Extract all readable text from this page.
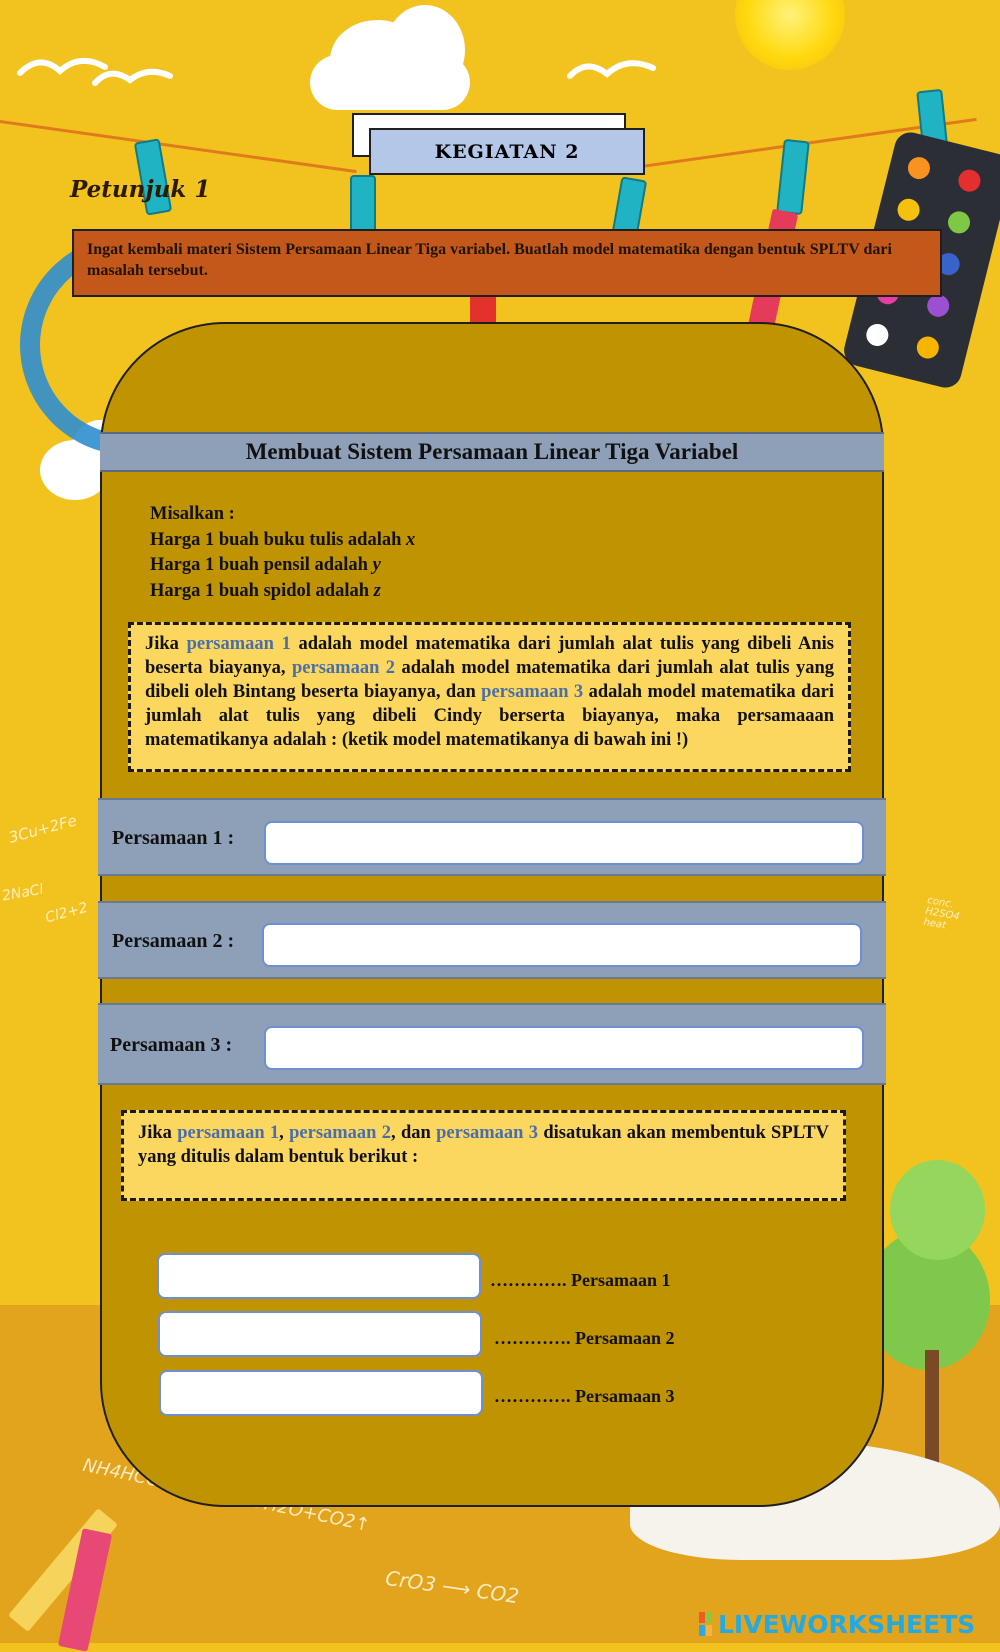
NH4HCO3 NH3↑+H2O+CO2↑
CrO3 ⟶ CO2
3Cu+2Fe
2NaCl
Cl2+2	conc. H2SO4 heat
KEGIATAN 2
Petunjuk 1
Ingat kembali materi Sistem Persamaan Linear Tiga variabel. Buatlah model matematika dengan bentuk SPLTV dari masalah tersebut.
Membuat Sistem Persamaan Linear Tiga Variabel
Misalkan :
Harga 1 buah buku tulis adalah x
Harga 1 buah pensil adalah y
Harga 1 buah spidol adalah z
Jika persamaan 1 adalah model matematika dari jumlah alat tulis yang dibeli Anis beserta biayanya, persamaan 2 adalah model matematika dari jumlah alat tulis yang dibeli oleh Bintang beserta biayanya, dan persamaan 3 adalah model matematika dari jumlah alat tulis yang dibeli Cindy berserta biayanya, maka persamaaan matematikanya adalah : (ketik model matematikanya di bawah ini !)
Persamaan 1 :
Persamaan 2 :
Persamaan 3 :
Jika persamaan 1, persamaan 2, dan persamaan 3 disatukan akan membentuk SPLTV yang ditulis dalam bentuk berikut :
…………. Persamaan 1
…………. Persamaan 2
…………. Persamaan 3
LIVEWORKSHEETS
